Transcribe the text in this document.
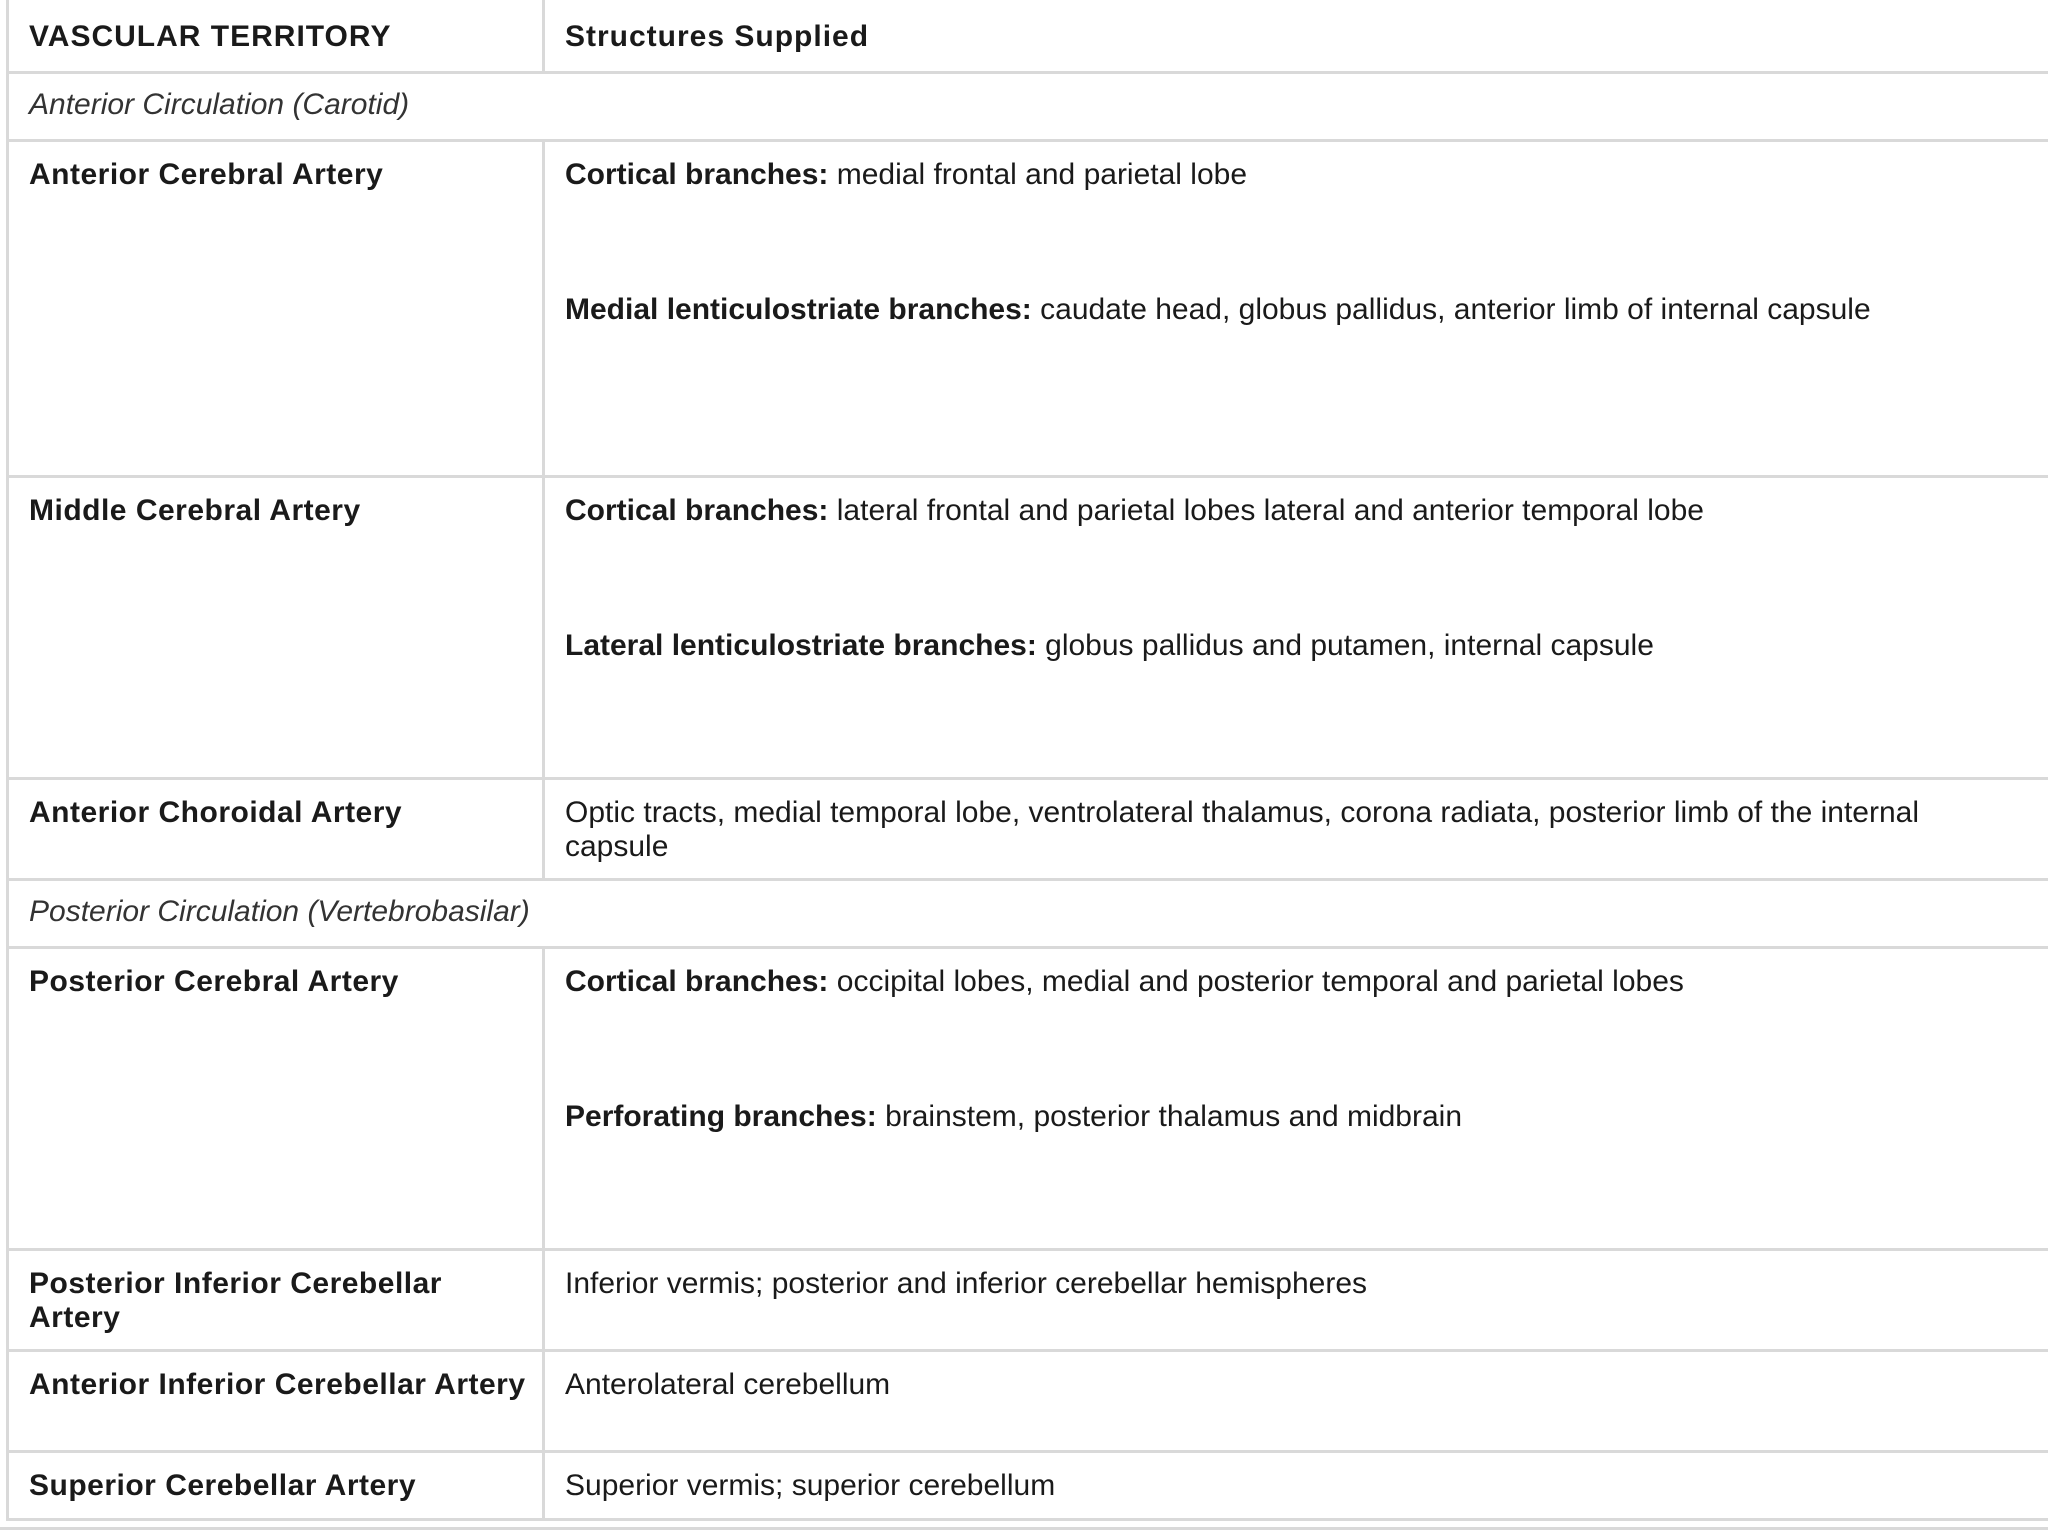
VASCULAR TERRITORY	Structures Supplied
Anterior Circulation (Carotid)	
Anterior Cerebral Artery	Cortical branches: medial frontal and parietal lobe

Medial lenticulostriate branches: caudate head, globus pallidus, anterior limb of internal capsule

Middle Cerebral Artery	Cortical branches: lateral frontal and parietal lobes lateral and anterior temporal lobe

Lateral lenticulostriate branches: globus pallidus and putamen, internal capsule

Anterior Choroidal Artery	Optic tracts, medial temporal lobe, ventrolateral thalamus, corona radiata, posterior limb of the internal capsule

Posterior Circulation (Vertebrobasilar)	
Posterior Cerebral Artery	Cortical branches: occipital lobes, medial and posterior temporal and parietal lobes

Perforating branches: brainstem, posterior thalamus and midbrain

Posterior Inferior Cerebellar Artery	Inferior vermis; posterior and inferior cerebellar hemispheres

Anterior Inferior Cerebellar Artery	Anterolateral cerebellum

Superior Cerebellar Artery	Superior vermis; superior cerebellum
